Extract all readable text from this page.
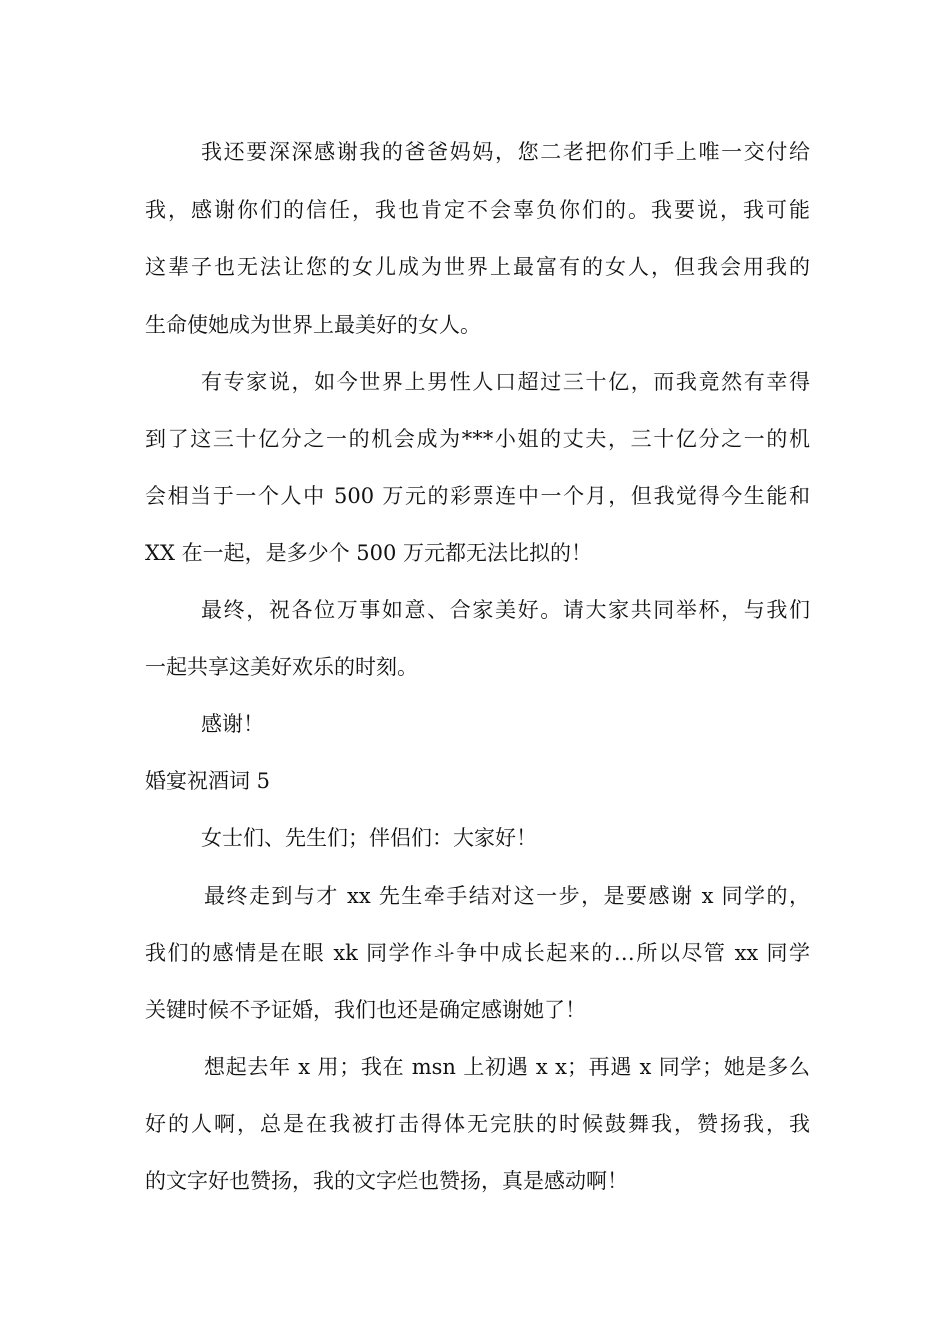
我还要深深感谢我的爸爸妈妈，您二老把你们手上唯一交付给
我，感谢你们的信任，我也肯定不会辜负你们的。我要说，我可能
这辈子也无法让您的女儿成为世界上最富有的女人，但我会用我的
生命使她成为世界上最美好的女人。
有专家说，如今世界上男性人口超过三十亿，而我竟然有幸得
到了这三十亿分之一的机会成为***小姐的丈夫，三十亿分之一的机
会相当于一个人中 500 万元的彩票连中一个月，但我觉得今生能和
XX 在一起，是多少个 500 万元都无法比拟的！
最终，祝各位万事如意、合家美好。请大家共同举杯，与我们
一起共享这美好欢乐的时刻。
感谢！
婚宴祝酒词 5
女士们、先生们；伴侣们：大家好！
最终走到与才 xx 先生牵手结对这一步，是要感谢 x 同学的，
我们的感情是在眼 xk 同学作斗争中成长起来的…所以尽管 xx 同学
关键时候不予证婚，我们也还是确定感谢她了！
想起去年 x 用；我在 msn 上初遇 x x；再遇 x 同学；她是多么
好的人啊，总是在我被打击得体无完肤的时候鼓舞我，赞扬我，我
的文字好也赞扬，我的文字烂也赞扬，真是感动啊！
